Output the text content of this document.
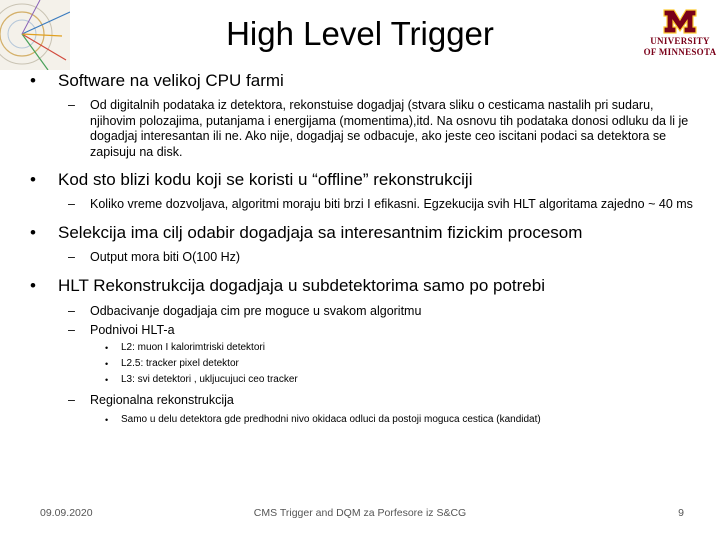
High Level Trigger	UNIVERSITY
OF MINNESOTA
• Software na velikoj CPU farmi
– Od digitalnih podataka iz detektora, rekonstuise dogadjaj (stvara sliku o cesticama nastalih pri sudaru, njihovim polozajima, putanjama i energijama (momentima),itd. Na osnovu tih podataka donosi odluku da li je dogadjaj interesantan ili ne. Ako nije, dogadjaj se odbacuje, ako jeste ceo iscitani podaci sa detektora se zapisuju na disk.
• Kod sto blizi kodu koji se koristi u “offline” rekonstrukciji
– Koliko vreme dozvoljava, algoritmi moraju biti brzi I efikasni. Egzekucija svih HLT algoritama zajedno ~ 40 ms
• Selekcija ima cilj odabir dogadjaja sa interesantnim fizickim procesom
– Output mora biti O(100 Hz)
• HLT Rekonstrukcija dogadjaja u subdetektorima samo po potrebi
– Odbacivanje dogadjaja cim pre moguce u svakom algoritmu
– Podnivoi HLT-a
• L2: muon I kalorimtriski detektori
• L2.5: tracker pixel detektor
• L3: svi detektori , ukljucujuci ceo tracker
– Regionalna rekonstrukcija
• Samo u delu detektora gde predhodni nivo okidaca odluci da postoji moguca cestica (kandidat)
09.09.2020	CMS Trigger and DQM za Porfesore iz S&CG	9
